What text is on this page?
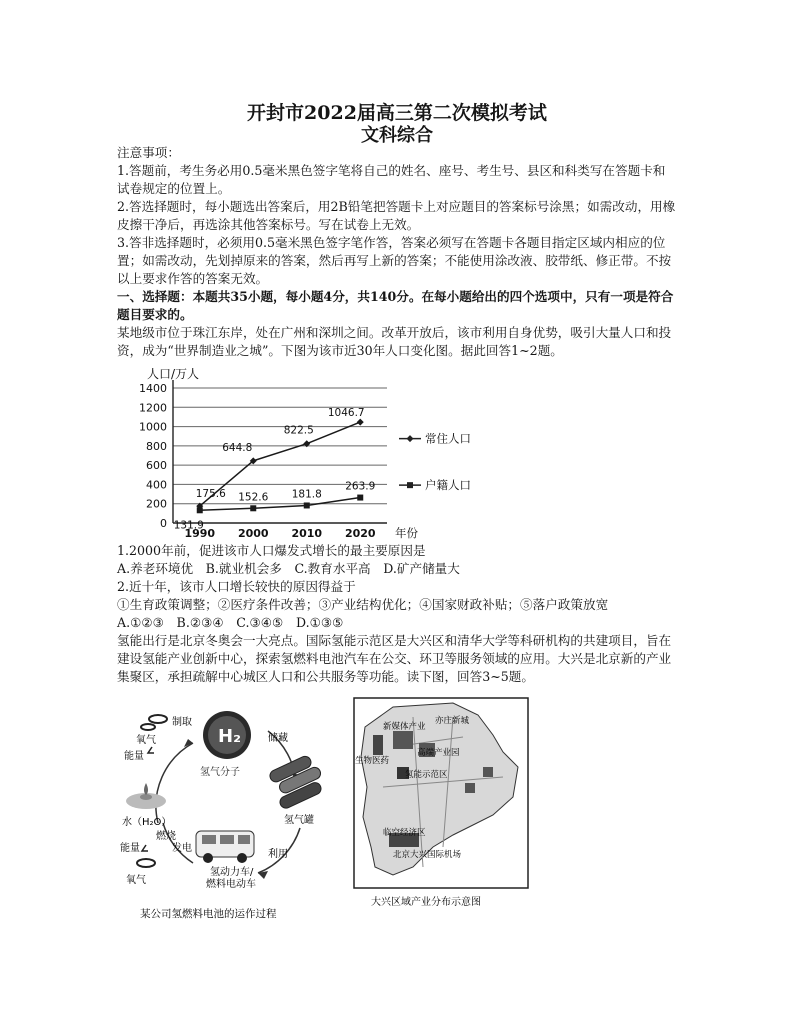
开封市2022届高三第二次模拟考试
文科综合
注意事项：
1.答题前，考生务必用0.5毫米黑色签字笔将自己的姓名、座号、考生号、县区和科类写在答题卡和试卷规定的位置上。
2.答选择题时，每小题选出答案后，用2B铅笔把答题卡上对应题目的答案标号涂黑；如需改动，用橡皮擦干净后，再选涂其他答案标号。写在试卷上无效。
3.答非选择题时，必须用0.5毫米黑色签字笔作答，答案必须写在答题卡各题目指定区域内相应的位置；如需改动，先划掉原来的答案，然后再写上新的答案；不能使用涂改液、胶带纸、修正带。不按以上要求作答的答案无效。
一、选择题：本题共35小题，每小题4分，共140分。在每小题给出的四个选项中，只有一项是符合题目要求的。
某地级市位于珠江东岸，处在广州和深圳之间。改革开放后，该市利用自身优势，吸引大量人口和投资，成为“世界制造业之城”。下图为该市近30年人口变化图。据此回答1~2题。
0
200
400
600
800
1000
1200
1400
人口/万人
1990 2000 2010 2020 年份
175.6
644.8
822.5
1046.7
131.9
152.6 181.8
263.9
常住人口
户籍人口
1.2000年前，促进该市人口爆发式增长的最主要原因是
A.养老环境优　B.就业机会多　C.教育水平高　D.矿产储量大
2.近十年，该市人口增长较快的原因得益于
①生育政策调整；②医疗条件改善；③产业结构优化；④国家财政补贴；⑤落户政策放宽
A.①②③　B.②③④　C.③④⑤　D.①③⑤
氢能出行是北京冬奥会一大亮点。国际氢能示范区是大兴区和清华大学等科研机构的共建项目，旨在建设氢能产业创新中心，探索氢燃料电池汽车在公交、环卫等服务领域的应用。大兴是北京新的产业集聚区，承担疏解中心城区人口和公共服务等功能。读下图，回答3~5题。
H₂
氢气分子
制取
氧气
能量
储藏
氢气罐
水（H₂O）
燃烧
发电
能量
氧气
利用
氢动力车/
燃料电动车
某公司氢燃料电池的运作过程
亦庄新城
新媒体产业
生物医药
高端产业园
氢能示范区
临空经济区
北京大兴国际机场
大兴区域产业分布示意图
